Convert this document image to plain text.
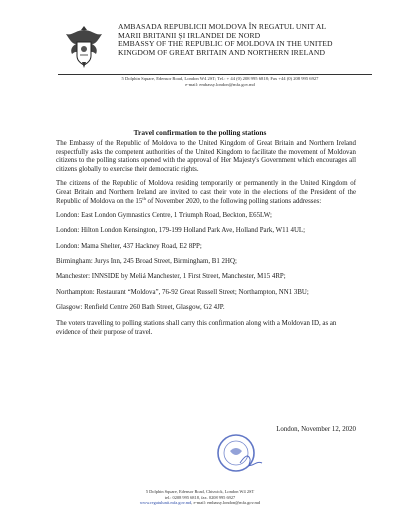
AMBASADA REPUBLICII MOLDOVA ÎN REGATUL UNIT AL
MARII BRITANII ȘI IRLANDEI DE NORD
EMBASSY OF THE REPUBLIC OF MOLDOVA IN THE UNITED
KINGDOM OF GREAT BRITAIN AND NORTHERN IRELAND
5 Dolphin Square, Edensor Road, London W4 2ST; Tel.: + 44 (0) 208 995 6818; Fax +44 (0) 208 995 6927
e-mail: embassy.london@mfa.gov.md
Travel confirmation to the polling stations

The Embassy of the Republic of Moldova to the United Kingdom of Great Britain and Northern Ireland respectfully asks the competent authorities of the United Kingdom to facilitate the movement of Moldovan citizens to the polling stations opened with the approval of Her Majesty's Government which encourages all citizens globally to exercise their democratic rights.

The citizens of the Republic of Moldova residing temporarily or permanently in the United Kingdom of Great Britain and Northern Ireland are invited to cast their vote in the elections of the President of the Republic of Moldova on the 15th of November 2020, to the following polling stations addresses:

London: East London Gymnastics Centre, 1 Triumph Road, Beckton, E65LW;
London: Hilton London Kensington, 179-199 Holland Park Ave, Holland Park, W11 4UL;
London: Mama Shelter, 437 Hackney Road, E2 8PP;
Birmingham: Jurys Inn, 245 Broad Street, Birmingham, B1 2HQ;
Manchester: INNSIDE by Meliá Manchester, 1 First Street, Manchester, M15 4RP;
Northampton: Restaurant “Moldova”, 76-92 Great Russell Street; Northampton, NN1 3BU;
Glasgow: Renfield Centre 260 Bath Street, Glasgow, G2 4JP.

The voters travelling to polling stations shall carry this confirmation along with a Moldovan ID, as an evidence of their purpose of travel.

London, November 12, 2020
5 Dolphin Square, Edensor Road, Chiswick, London W4 2ST
tel.: 0208 995 6818, fax. 0208 995 6927
www.regatulunit.mfa.gov.md, e-mail: embassy.london@mfa.gov.md
